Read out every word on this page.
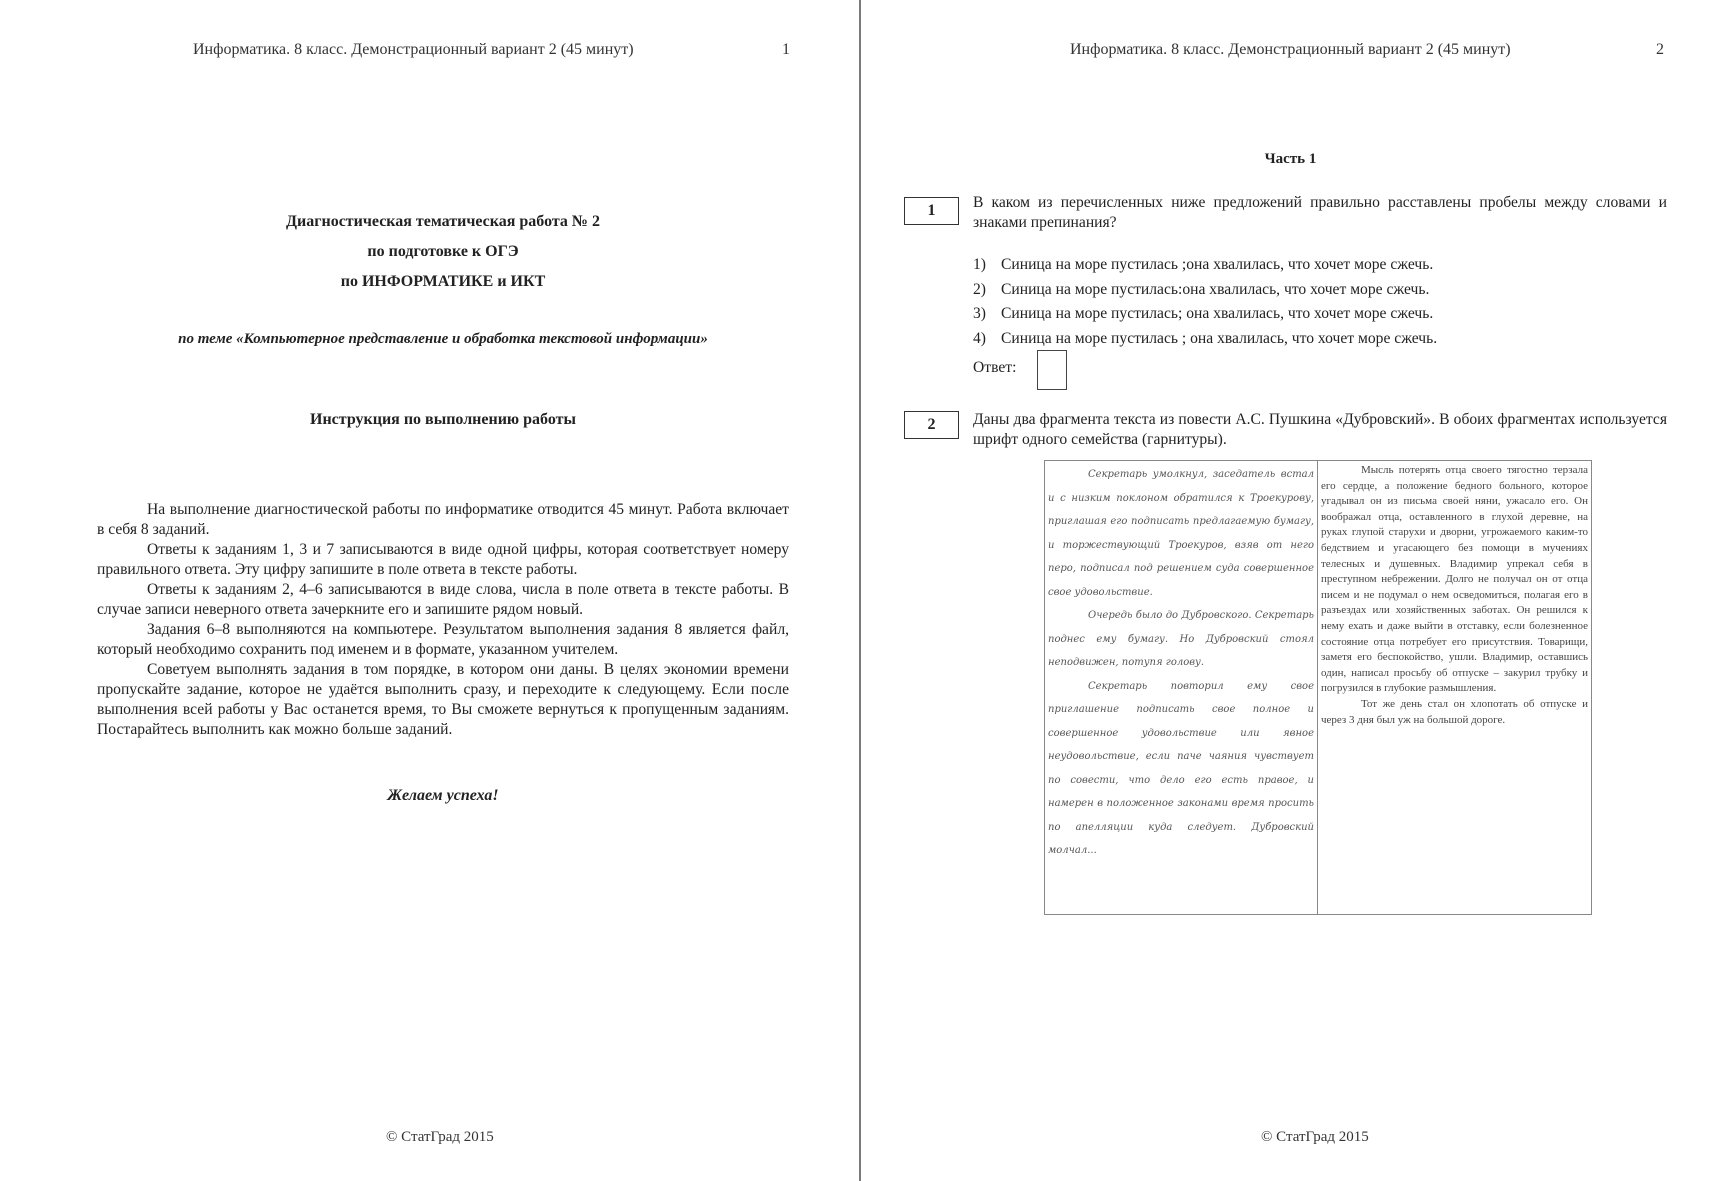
Информатика. 8 класс. Демонстрационный вариант 2 (45 минут)	1

Диагностическая тематическая работа № 2

по подготовке к ОГЭ

по ИНФОРМАТИКЕ и ИКТ

по теме «Компьютерное представление и обработка текстовой информации»
Инструкция по выполнению работы

На выполнение диагностической работы по информатике отводится 45 минут. Работа включает в себя 8 заданий.

Ответы к заданиям 1, 3 и 7 записываются в виде одной цифры, которая соответствует номеру правильного ответа. Эту цифру запишите в поле ответа в тексте работы.

Ответы к заданиям 2, 4–6 записываются в виде слова, числа в поле ответа в тексте работы. В случае записи неверного ответа зачеркните его и запишите рядом новый.

Задания 6–8 выполняются на компьютере. Результатом выполнения задания 8 является файл, который необходимо сохранить под именем и в формате, указанном учителем.

Советуем выполнять задания в том порядке, в котором они даны. В целях экономии времени пропускайте задание, которое не удаётся выполнить сразу, и переходите к следующему. Если после выполнения всей работы у Вас останется время, то Вы сможете вернуться к пропущенным заданиям. Постарайтесь выполнить как можно больше заданий.

Желаем успеха!
© СтатГрад 2015
Информатика. 8 класс. Демонстрационный вариант 2 (45 минут)	2
Часть 1
1	В каком из перечисленных ниже предложений правильно расставлены пробелы между словами и знаками препинания?
1) Синица на море пустилась ;она хвалилась, что хочет море сжечь.
2) Синица на море пустилась:она хвалилась, что хочет море сжечь.
3) Синица на море пустилась; она хвалилась, что хочет море сжечь.
4) Синица на море пустилась ; она хвалилась, что хочет море сжечь.
Ответ:
2	Даны два фрагмента текста из повести А.С. Пушкина «Дубровский». В обоих фрагментах используется шрифт одного семейства (гарнитуры).

Секретарь умолкнул, заседатель встал и с низким поклоном обратился к Троекурову, приглашая его подписать предлагаемую бумагу, и торжествующий Троекуров, взяв от него перо, подписал под решением суда совершенное свое удовольствие.

Очередь было до Дубровского. Секретарь поднес ему бумагу. Но Дубровский стоял неподвижен, потупя голову.

Секретарь повторил ему свое приглашение подписать свое полное и совершенное удовольствие или явное неудовольствие, если паче чаяния чувствует по совести, что дело его есть правое, и намерен в положенное законами время просить по апелляции куда следует. Дубровский молчал...

Мысль потерять отца своего тягостно терзала его сердце, а положение бедного больного, которое угадывал он из письма своей няни, ужасало его. Он воображал отца, оставленного в глухой деревне, на руках глупой старухи и дворни, угрожаемого каким-то бедствием и угасающего без помощи в мучениях телесных и душевных. Владимир упрекал себя в преступном небрежении. Долго не получал он от отца писем и не подумал о нем осведомиться, полагая его в разъездах или хозяйственных заботах. Он решился к нему ехать и даже выйти в отставку, если болезненное состояние отца потребует его присутствия. Товарищи, заметя его беспокойство, ушли. Владимир, оставшись один, написал просьбу об отпуске – закурил трубку и погрузился в глубокие размышления.

Тот же день стал он хлопотать об отпуске и через 3 дня был уж на большой дороге.

© СтатГрад 2015
